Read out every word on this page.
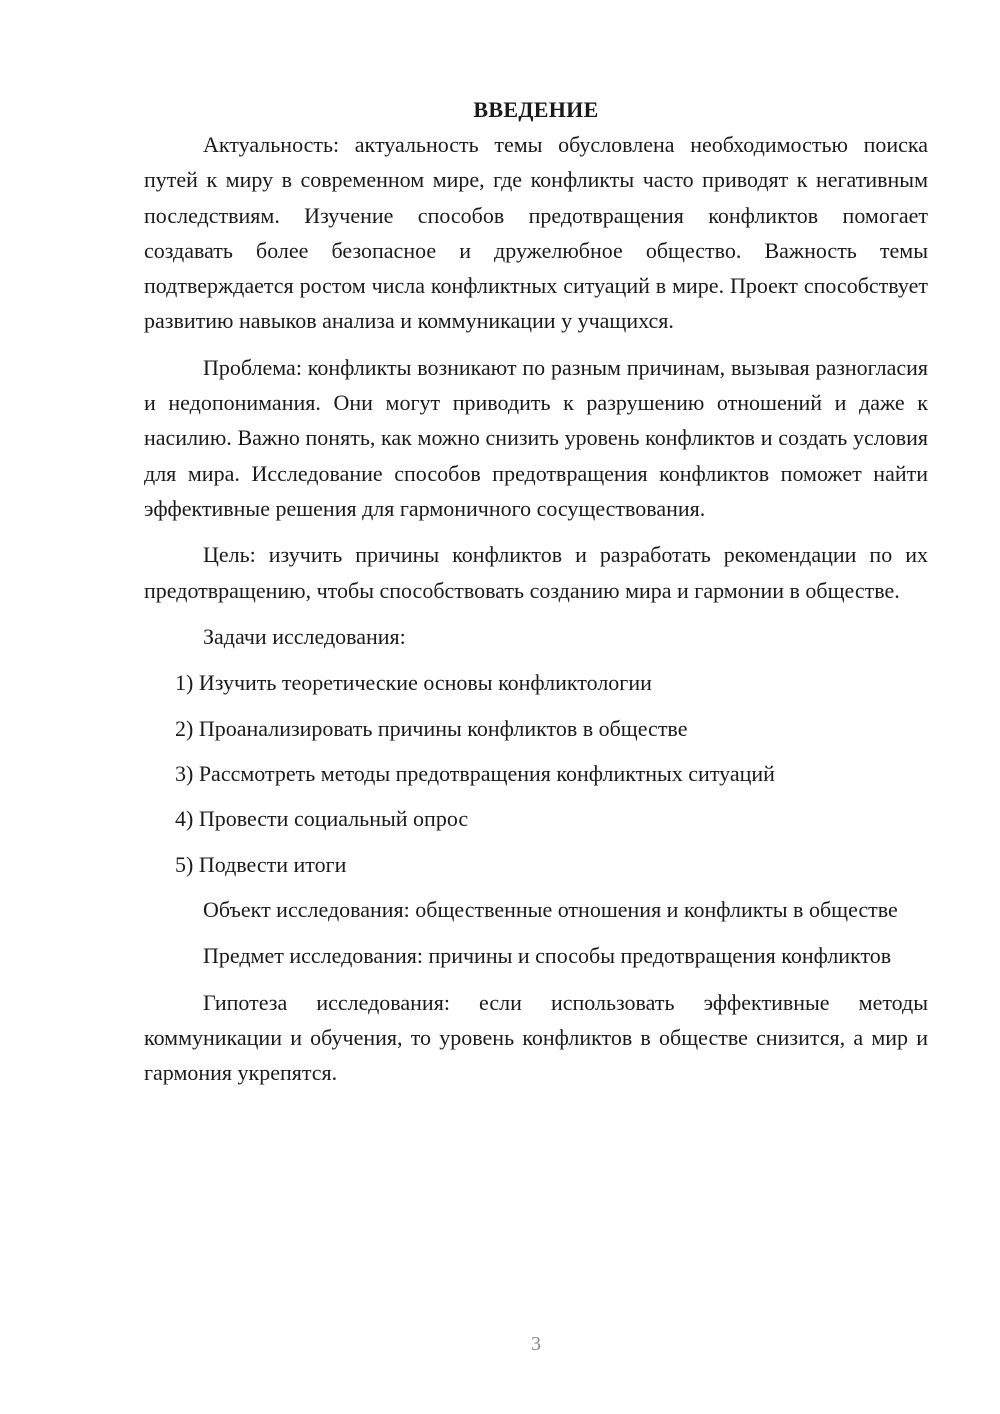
ВВЕДЕНИЕ

Актуальность: актуальность темы обусловлена необходимостью поиска путей к миру в современном мире, где конфликты часто приводят к негативным последствиям. Изучение способов предотвращения конфликтов помогает создавать более безопасное и дружелюбное общество. Важность темы подтверждается ростом числа конфликтных ситуаций в мире. Проект способствует развитию навыков анализа и коммуникации у учащихся.

Проблема: конфликты возникают по разным причинам, вызывая разногласия и недопонимания. Они могут приводить к разрушению отношений и даже к насилию. Важно понять, как можно снизить уровень конфликтов и создать условия для мира. Исследование способов предотвращения конфликтов поможет найти эффективные решения для гармоничного сосуществования.

Цель: изучить причины конфликтов и разработать рекомендации по их предотвращению, чтобы способствовать созданию мира и гармонии в обществе.

Задачи исследования:

1) Изучить теоретические основы конфликтологии
2) Проанализировать причины конфликтов в обществе
3) Рассмотреть методы предотвращения конфликтных ситуаций
4) Провести социальный опрос
5) Подвести итоги

Объект исследования: общественные отношения и конфликты в обществе

Предмет исследования: причины и способы предотвращения конфликтов

Гипотеза исследования: если использовать эффективные методы коммуникации и обучения, то уровень конфликтов в обществе снизится, а мир и гармония укрепятся.

3
